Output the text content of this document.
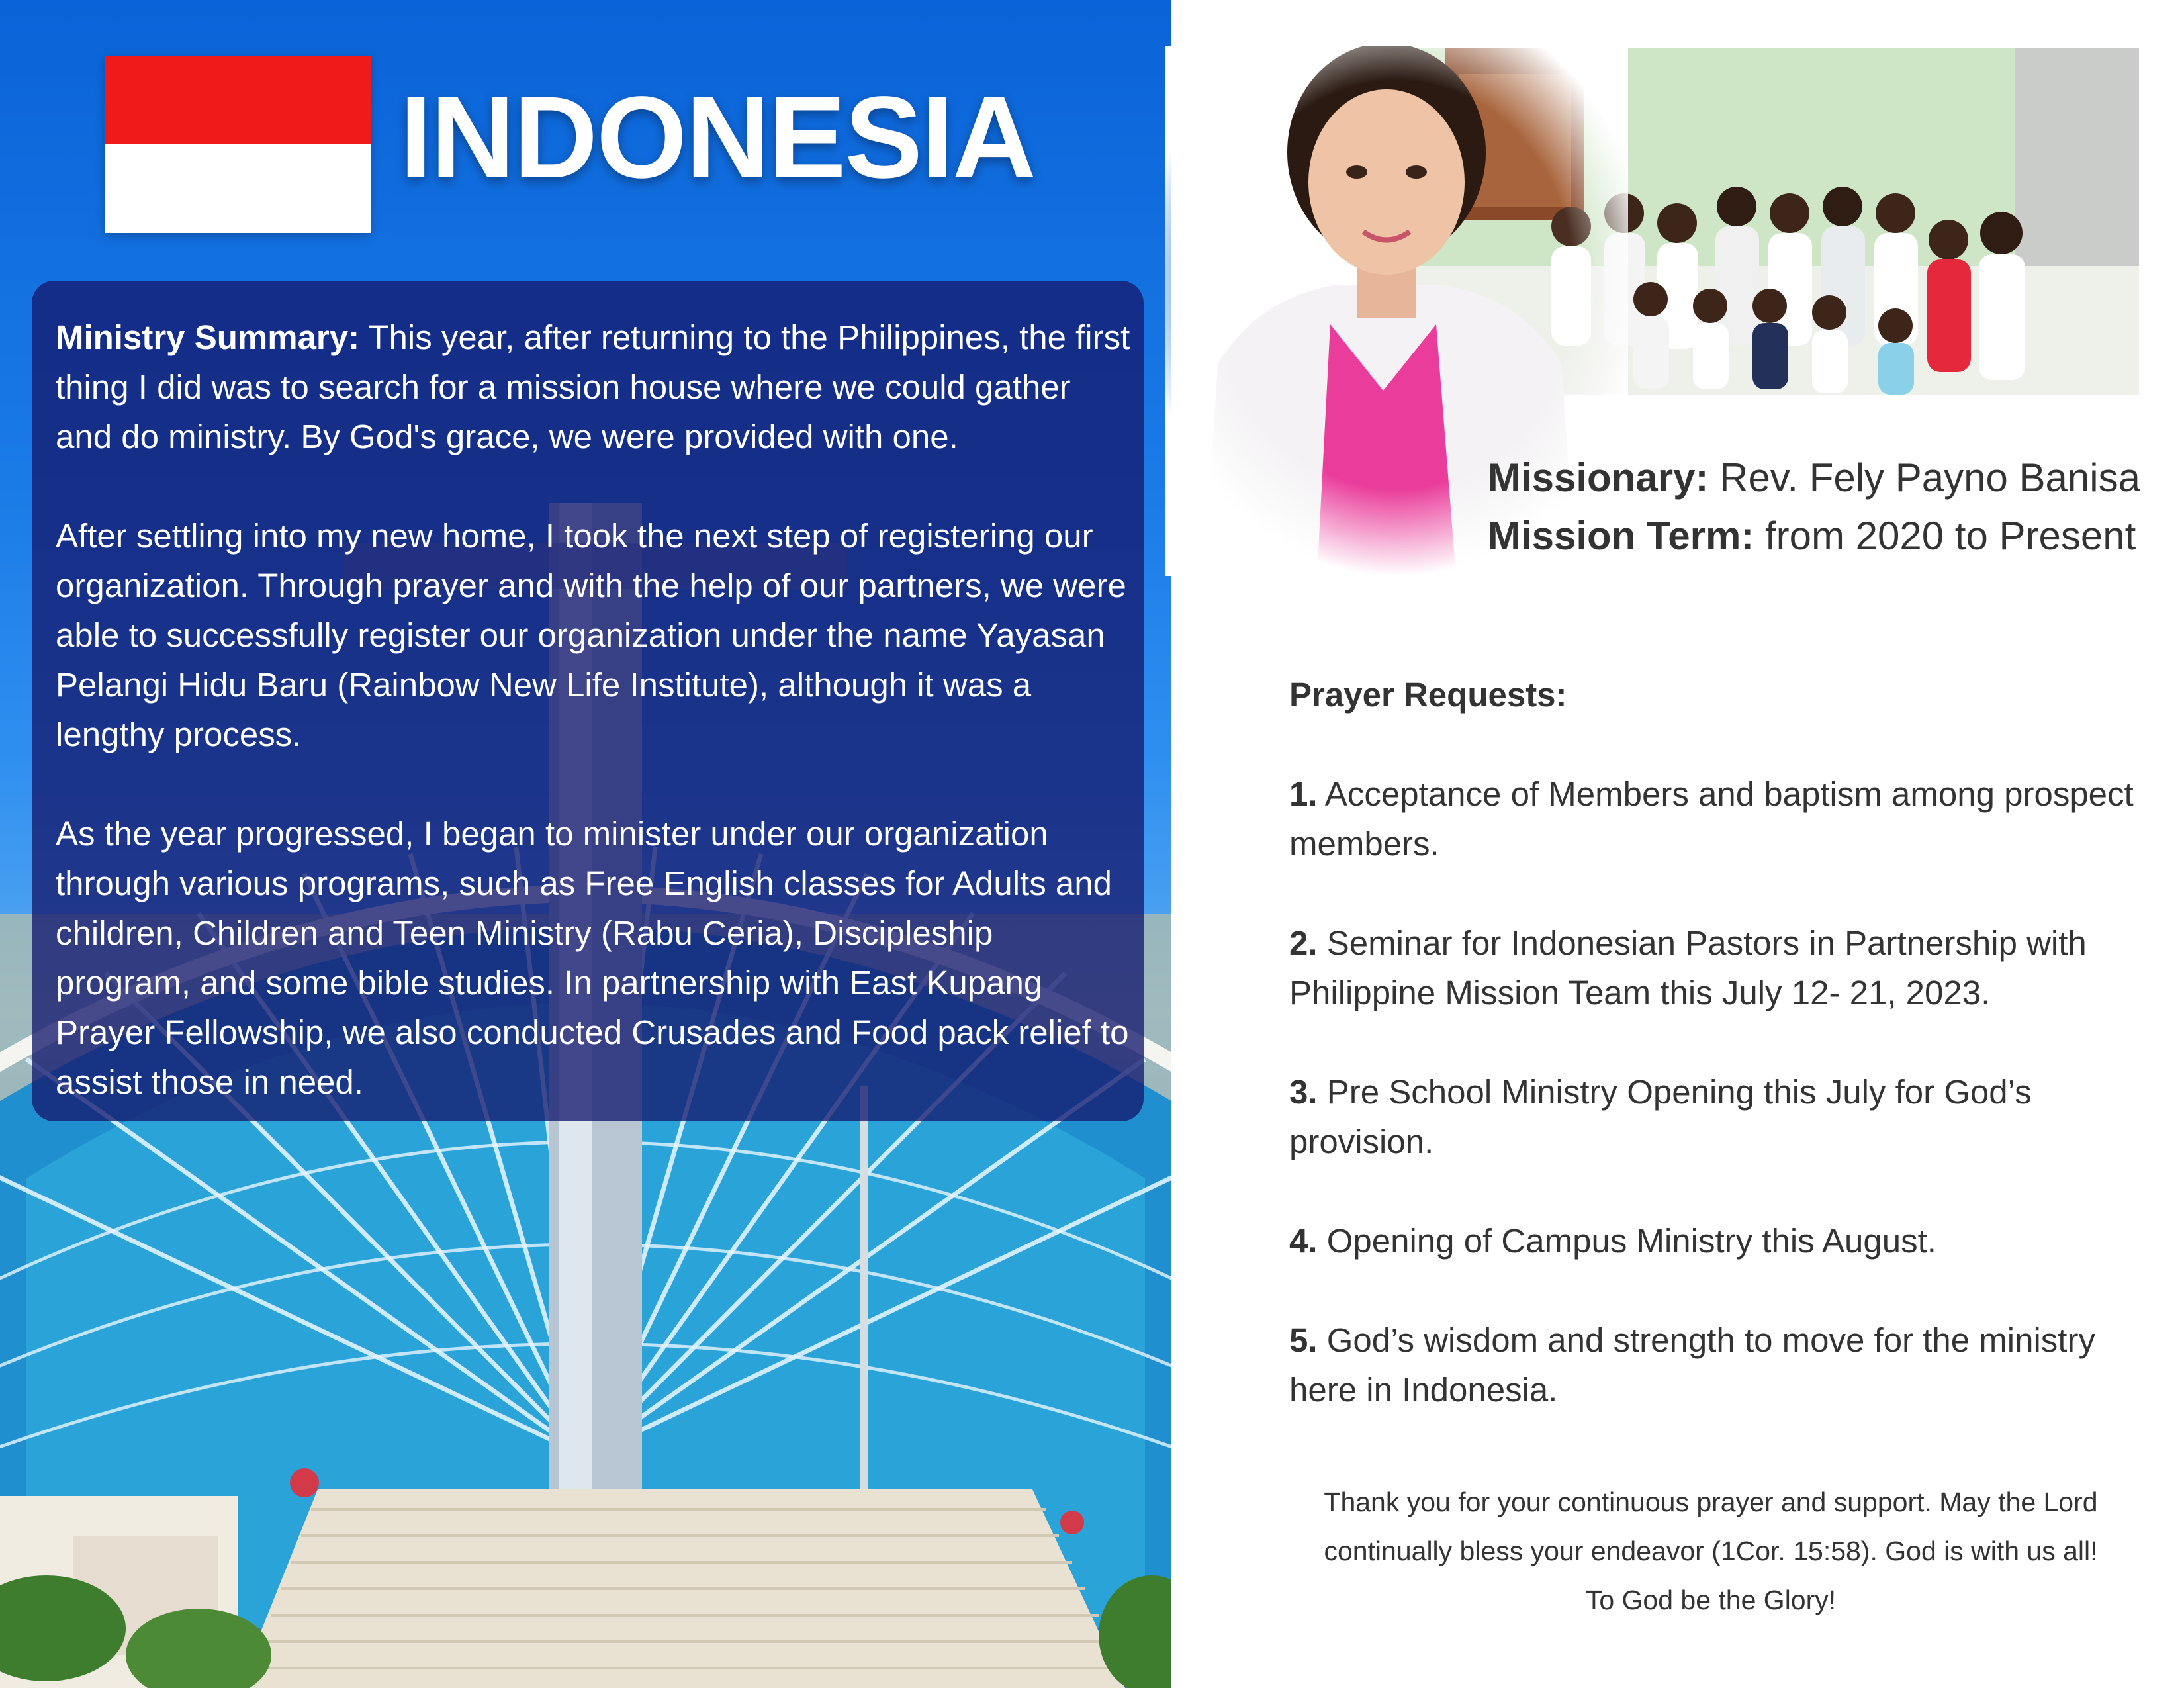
INDONESIA

Ministry Summary: This year, after returning to the Philippines, the first thing I did was to search for a mission house where we could gather and do ministry. By God's grace, we were provided with one.

After settling into my new home, I took the next step of registering our organization. Through prayer and with the help of our partners, we were able to successfully register our organization under the name Yayasan Pelangi Hidu Baru (Rainbow New Life Institute), although it was a lengthy process.

As the year progressed, I began to minister under our organization through various programs, such as Free English classes for Adults and children, Children and Teen Ministry (Rabu Ceria), Discipleship program, and some bible studies. In partnership with East Kupang Prayer Fellowship, we also conducted Crusades and Food pack relief to assist those in need.

Missionary: Rev. Fely Payno Banisa
Mission Term: from 2020 to Present
Prayer Requests:
1. Acceptance of Members and baptism among prospect members.
2. Seminar for Indonesian Pastors in Partnership with Philippine Mission Team this July 12- 21, 2023.
3. Pre School Ministry Opening this July for God’s provision.
4. Opening of Campus Ministry this August.
5. God’s wisdom and strength to move for the ministry here in Indonesia.
Thank you for your continuous prayer and support. May the Lord
continually bless your endeavor (1Cor. 15:58). God is with us all!
To God be the Glory!
